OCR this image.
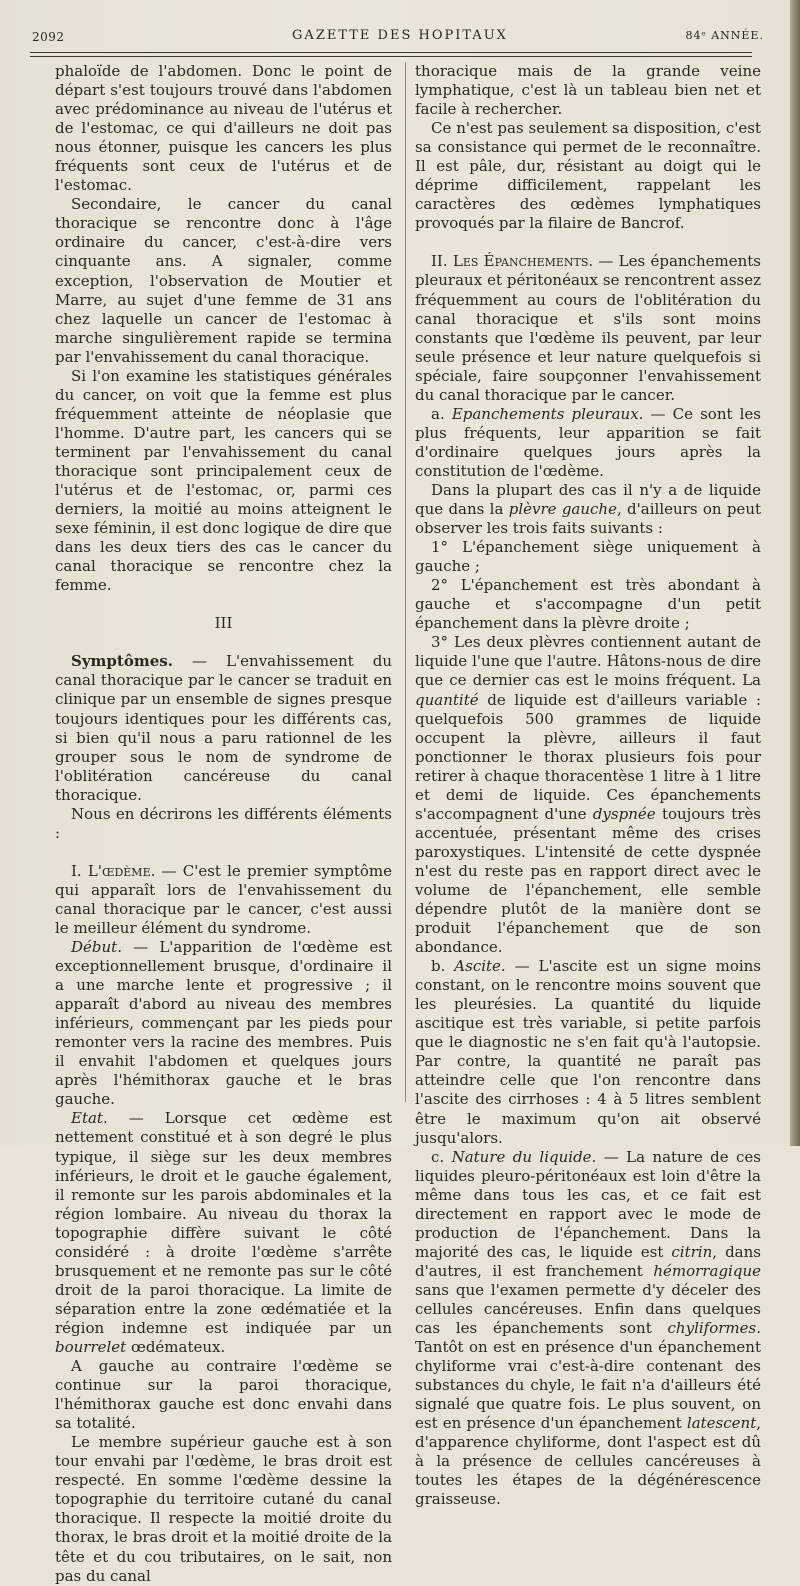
2092	GAZETTE DES HOPITAUX	84ᵉ ANNÉE.

phaloïde de l'abdomen. Donc le point de départ s'est toujours trouvé dans l'abdomen avec prédominance au niveau de l'utérus et de l'estomac, ce qui d'ailleurs ne doit pas nous étonner, puisque les cancers les plus fréquents sont ceux de l'utérus et de l'estomac.

Secondaire, le cancer du canal thoracique se rencontre donc à l'âge ordinaire du cancer, c'est-à-dire vers cinquante ans. A signaler, comme exception, l'observation de Moutier et Marre, au sujet d'une femme de 31 ans chez laquelle un cancer de l'estomac à marche singulièrement rapide se termina par l'envahissement du canal thoracique.

Si l'on examine les statistiques générales du cancer, on voit que la femme est plus fréquemment atteinte de néoplasie que l'homme. D'autre part, les cancers qui se terminent par l'envahissement du canal thoracique sont principalement ceux de l'utérus et de l'estomac, or, parmi ces derniers, la moitié au moins atteignent le sexe féminin, il est donc logique de dire que dans les deux tiers des cas le cancer du canal thoracique se rencontre chez la femme.

III

Symptômes. — L'envahissement du canal thoracique par le cancer se traduit en clinique par un ensemble de signes presque toujours identiques pour les différents cas, si bien qu'il nous a paru rationnel de les grouper sous le nom de syndrome de l'oblitération cancéreuse du canal thoracique.

Nous en décrirons les différents éléments :

I. L'œdème. — C'est le premier symptôme qui apparaît lors de l'envahissement du canal thoracique par le cancer, c'est aussi le meilleur élément du syndrome.

Début. — L'apparition de l'œdème est exceptionnellement brusque, d'ordinaire il a une marche lente et progressive ; il apparaît d'abord au niveau des membres inférieurs, commençant par les pieds pour remonter vers la racine des membres. Puis il envahit l'abdomen et quelques jours après l'hémithorax gauche et le bras gauche.

Etat. — Lorsque cet œdème est nettement constitué et à son degré le plus typique, il siège sur les deux membres inférieurs, le droit et le gauche également, il remonte sur les parois abdominales et la région lombaire. Au niveau du thorax la topographie diffère suivant le côté considéré : à droite l'œdème s'arrête brusquement et ne remonte pas sur le côté droit de la paroi thoracique. La limite de séparation entre la zone œdématiée et la région indemne est indiquée par un bourrelet œdémateux.

A gauche au contraire l'œdème se continue sur la paroi thoracique, l'hémithorax gauche est donc envahi dans sa totalité.

Le membre supérieur gauche est à son tour envahi par l'œdème, le bras droit est respecté. En somme l'œdème dessine la topographie du territoire cutané du canal thoracique. Il respecte la moitié droite du thorax, le bras droit et la moitié droite de la tête et du cou tributaires, on le sait, non pas du canal

thoracique mais de la grande veine lymphatique, c'est là un tableau bien net et facile à rechercher.

Ce n'est pas seulement sa disposition, c'est sa consistance qui permet de le reconnaître. Il est pâle, dur, résistant au doigt qui le déprime difficilement, rappelant les caractères des œdèmes lymphatiques provoqués par la filaire de Bancrof.

II. Les Épanchements. — Les épanchements pleuraux et péritonéaux se rencontrent assez fréquemment au cours de l'oblitération du canal thoracique et s'ils sont moins constants que l'œdème ils peuvent, par leur seule présence et leur nature quelquefois si spéciale, faire soupçonner l'envahissement du canal thoracique par le cancer.

a. Epanchements pleuraux. — Ce sont les plus fréquents, leur apparition se fait d'ordinaire quelques jours après la constitution de l'œdème.

Dans la plupart des cas il n'y a de liquide que dans la plèvre gauche, d'ailleurs on peut observer les trois faits suivants :

1° L'épanchement siège uniquement à gauche ;

2° L'épanchement est très abondant à gauche et s'accompagne d'un petit épanchement dans la plèvre droite ;

3° Les deux plèvres contiennent autant de liquide l'une que l'autre. Hâtons-nous de dire que ce dernier cas est le moins fréquent. La quantité de liquide est d'ailleurs variable : quelquefois 500 grammes de liquide occupent la plèvre, ailleurs il faut ponctionner le thorax plusieurs fois pour retirer à chaque thoracentèse 1 litre à 1 litre et demi de liquide. Ces épanchements s'accompagnent d'une dyspnée toujours très accentuée, présentant même des crises paroxystiques. L'intensité de cette dyspnée n'est du reste pas en rapport direct avec le volume de l'épanchement, elle semble dépendre plutôt de la manière dont se produit l'épanchement que de son abondance.

b. Ascite. — L'ascite est un signe moins constant, on le rencontre moins souvent que les pleurésies. La quantité du liquide ascitique est très variable, si petite parfois que le diagnostic ne s'en fait qu'à l'autopsie. Par contre, la quantité ne paraît pas atteindre celle que l'on rencontre dans l'ascite des cirrhoses : 4 à 5 litres semblent être le maximum qu'on ait observé jusqu'alors.

c. Nature du liquide. — La nature de ces liquides pleuro-péritonéaux est loin d'être la même dans tous les cas, et ce fait est directement en rapport avec le mode de production de l'épanchement. Dans la majorité des cas, le liquide est citrin, dans d'autres, il est franchement hémorragique sans que l'examen permette d'y déceler des cellules cancéreuses. Enfin dans quelques cas les épanchements sont chyliformes. Tantôt on est en présence d'un épanchement chyliforme vrai c'est-à-dire contenant des substances du chyle, le fait n'a d'ailleurs été signalé que quatre fois. Le plus souvent, on est en présence d'un épanchement latescent, d'apparence chyliforme, dont l'aspect est dû à la présence de cellules cancéreuses à toutes les étapes de la dégénérescence graisseuse.
